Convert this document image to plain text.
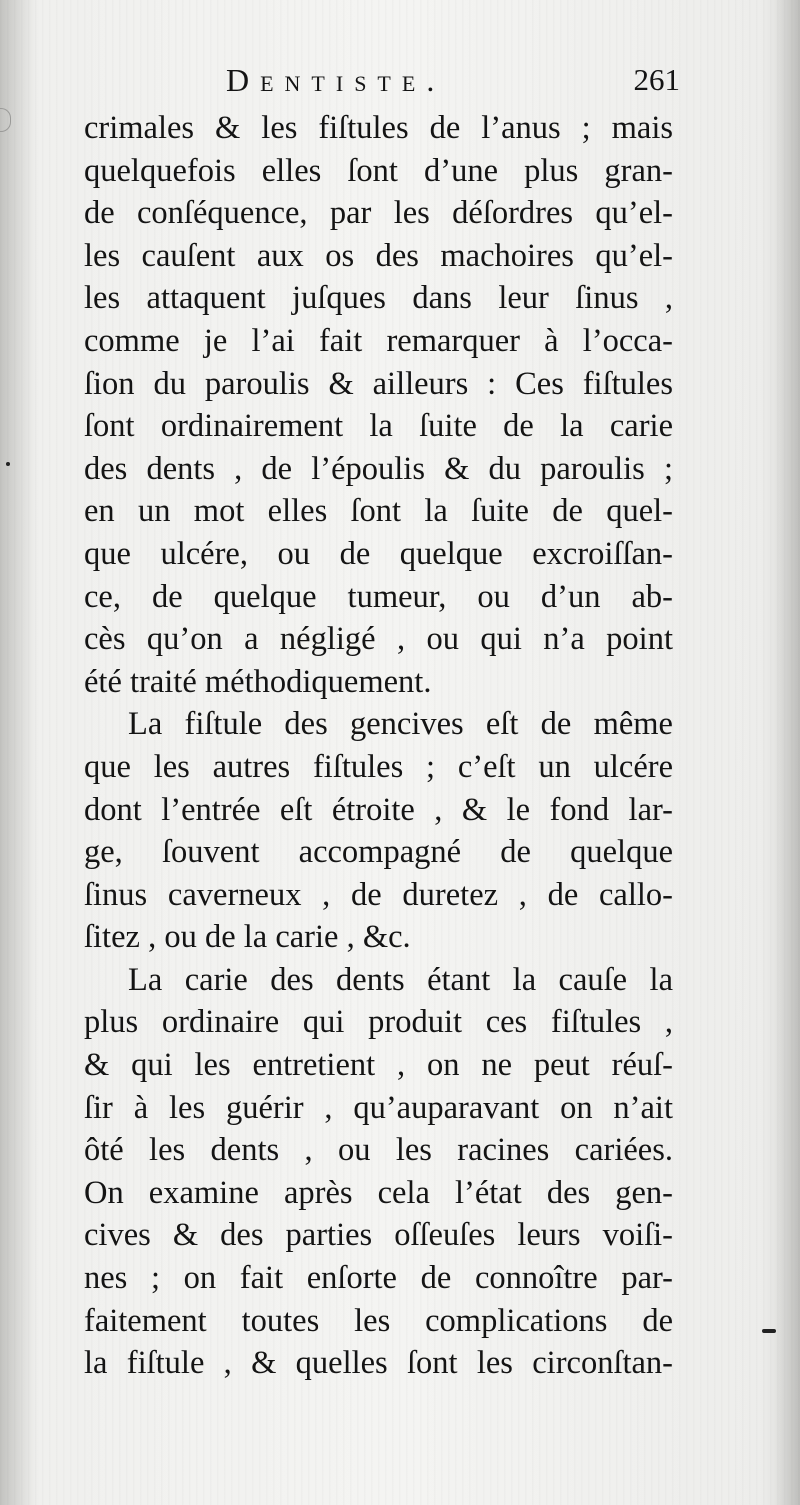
Dentiste.	261
crimales & les fiſtules de l’anus ; mais
quelquefois elles ſont d’une plus gran-
de conſéquence, par les déſordres qu’el-
les cauſent aux os des machoires qu’el-
les attaquent juſques dans leur ſinus ,
comme je l’ai fait remarquer à l’occa-
ſion du paroulis & ailleurs : Ces fiſtules
ſont ordinairement la ſuite de la carie
des dents , de l’épοulis & du paroulis ;
en un mot elles ſont la ſuite de quel-
que ulcére, ou de quelque excroiſſan-
ce, de quelque tumeur, ou d’un ab-
cès qu’on a négligé , ou qui n’a point
été traité méthodiquement.
La fiſtule des gencives eſt de même
que les autres fiſtules ; c’eſt un ulcére
dont l’entrée eſt étroite , & le fond lar-
ge, ſouvent accompagné de quelque
ſinus caverneux , de duretez , de callo-
ſitez , ou de la carie , &c.
La carie des dents étant la cauſe la
plus ordinaire qui produit ces fiſtules ,
& qui les entretient , on ne peut réuſ-
ſir à les guérir , qu’auparavant on n’ait
ôté les dents , ou les racines cariées.
On examine après cela l’état des gen-
cives & des parties oſſeuſes leurs voiſi-
nes ; on fait enſorte de connoître par-
faitement toutes les complications de
la fiſtule , & quelles ſont les circonſtan-
